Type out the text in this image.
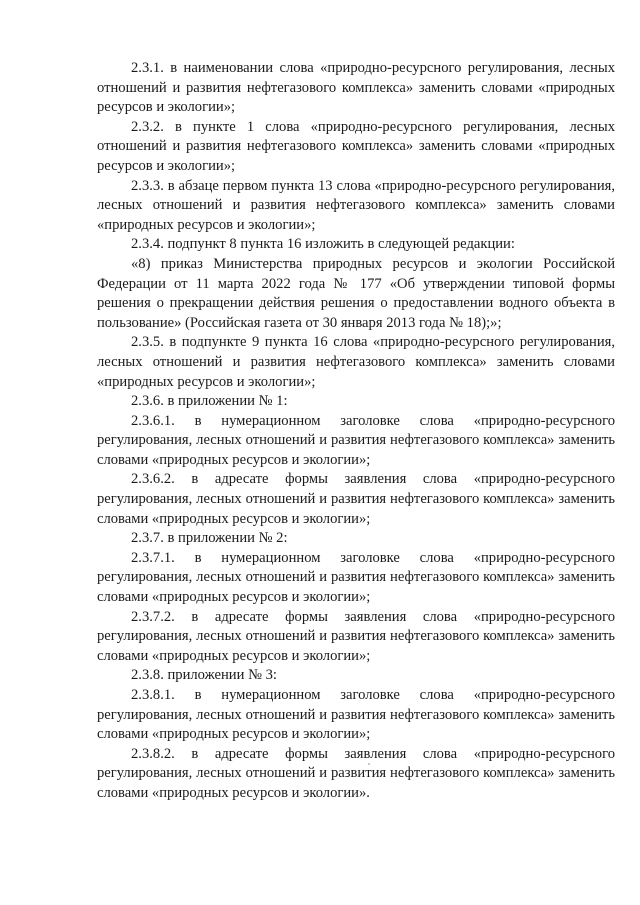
2.3.1. в наименовании слова «природно-ресурсного регулирования, лесных отношений и развития нефтегазового комплекса» заменить словами «природных ресурсов и экологии»;

2.3.2. в пункте 1 слова «природно-ресурсного регулирования, лесных отношений и развития нефтегазового комплекса» заменить словами «природных ресурсов и экологии»;

2.3.3. в абзаце первом пункта 13 слова «природно-ресурсного регулирования, лесных отношений и развития нефтегазового комплекса» заменить словами «природных ресурсов и экологии»;

2.3.4. подпункт 8 пункта 16 изложить в следующей редакции:

«8) приказ Министерства природных ресурсов и экологии Российской Федерации от 11 марта 2022 года № 177 «Об утверждении типовой формы решения о прекращении действия решения о предоставлении водного объекта в пользование» (Российская газета от 30 января 2013 года № 18);»;

2.3.5. в подпункте 9 пункта 16 слова «природно-ресурсного регулирования, лесных отношений и развития нефтегазового комплекса» заменить словами «природных ресурсов и экологии»;

2.3.6. в приложении № 1:

2.3.6.1. в нумерационном заголовке слова «природно-ресурсного регулирования, лесных отношений и развития нефтегазового комплекса» заменить словами «природных ресурсов и экологии»;

2.3.6.2. в адресате формы заявления слова «природно-ресурсного регулирования, лесных отношений и развития нефтегазового комплекса» заменить словами «природных ресурсов и экологии»;

2.3.7. в приложении № 2:

2.3.7.1. в нумерационном заголовке слова «природно-ресурсного регулирования, лесных отношений и развития нефтегазового комплекса» заменить словами «природных ресурсов и экологии»;

2.3.7.2. в адресате формы заявления слова «природно-ресурсного регулирования, лесных отношений и развития нефтегазового комплекса» заменить словами «природных ресурсов и экологии»;

2.3.8. приложении № 3:

2.3.8.1. в нумерационном заголовке слова «природно-ресурсного регулирования, лесных отношений и развития нефтегазового комплекса» заменить словами «природных ресурсов и экологии»;

2.3.8.2. в адресате формы заявления слова «природно-ресурсного регулирования, лесных отношений и развития нефтегазового комплекса» заменить словами «природных ресурсов и экологии».
